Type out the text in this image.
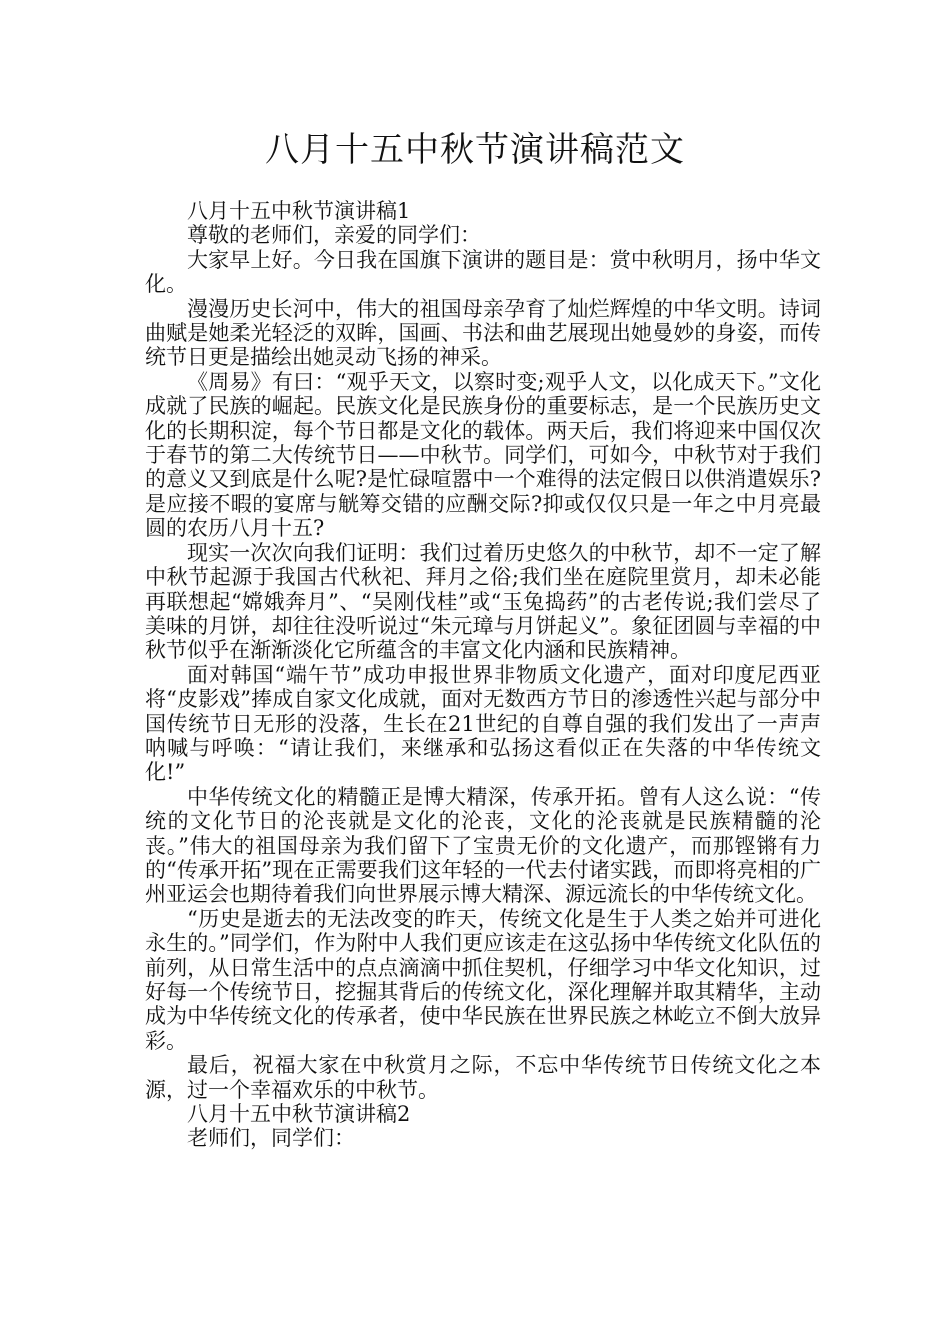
八月十五中秋节演讲稿范文

八月十五中秋节演讲稿1

尊敬的老师们，亲爱的同学们：

大家早上好。今日我在国旗下演讲的题目是：赏中秋明月，扬中华文化。

漫漫历史长河中，伟大的祖国母亲孕育了灿烂辉煌的中华文明。诗词曲赋是她柔光轻泛的双眸，国画、书法和曲艺展现出她曼妙的身姿，而传统节日更是描绘出她灵动飞扬的神采。

《周易》有曰：“观乎天文，以察时变;观乎人文，以化成天下。”文化成就了民族的崛起。民族文化是民族身份的重要标志，是一个民族历史文化的长期积淀，每个节日都是文化的载体。两天后，我们将迎来中国仅次于春节的第二大传统节日——中秋节。同学们，可如今，中秋节对于我们的意义又到底是什么呢?是忙碌喧嚣中一个难得的法定假日以供消遣娱乐?是应接不暇的宴席与觥筹交错的应酬交际?抑或仅仅只是一年之中月亮最圆的农历八月十五?

现实一次次向我们证明：我们过着历史悠久的中秋节，却不一定了解中秋节起源于我国古代秋祀、拜月之俗;我们坐在庭院里赏月，却未必能再联想起“嫦娥奔月”、“吴刚伐桂”或“玉兔捣药”的古老传说;我们尝尽了美味的月饼，却往往没听说过“朱元璋与月饼起义”。象征团圆与幸福的中秋节似乎在渐渐淡化它所蕴含的丰富文化内涵和民族精神。

面对韩国“端午节”成功申报世界非物质文化遗产，面对印度尼西亚将“皮影戏”捧成自家文化成就，面对无数西方节日的渗透性兴起与部分中国传统节日无形的没落，生长在21世纪的自尊自强的我们发出了一声声呐喊与呼唤：“请让我们，来继承和弘扬这看似正在失落的中华传统文化!”

中华传统文化的精髓正是博大精深，传承开拓。曾有人这么说：“传统的文化节日的沦丧就是文化的沦丧，文化的沦丧就是民族精髓的沦丧。”伟大的祖国母亲为我们留下了宝贵无价的文化遗产，而那铿锵有力的“传承开拓”现在正需要我们这年轻的一代去付诸实践，而即将亮相的广州亚运会也期待着我们向世界展示博大精深、源远流长的中华传统文化。

“历史是逝去的无法改变的昨天，传统文化是生于人类之始并可进化永生的。”同学们，作为附中人我们更应该走在这弘扬中华传统文化队伍的前列，从日常生活中的点点滴滴中抓住契机，仔细学习中华文化知识，过好每一个传统节日，挖掘其背后的传统文化，深化理解并取其精华，主动成为中华传统文化的传承者，使中华民族在世界民族之林屹立不倒大放异彩。

最后，祝福大家在中秋赏月之际，不忘中华传统节日传统文化之本源，过一个幸福欢乐的中秋节。

八月十五中秋节演讲稿2

老师们，同学们：
